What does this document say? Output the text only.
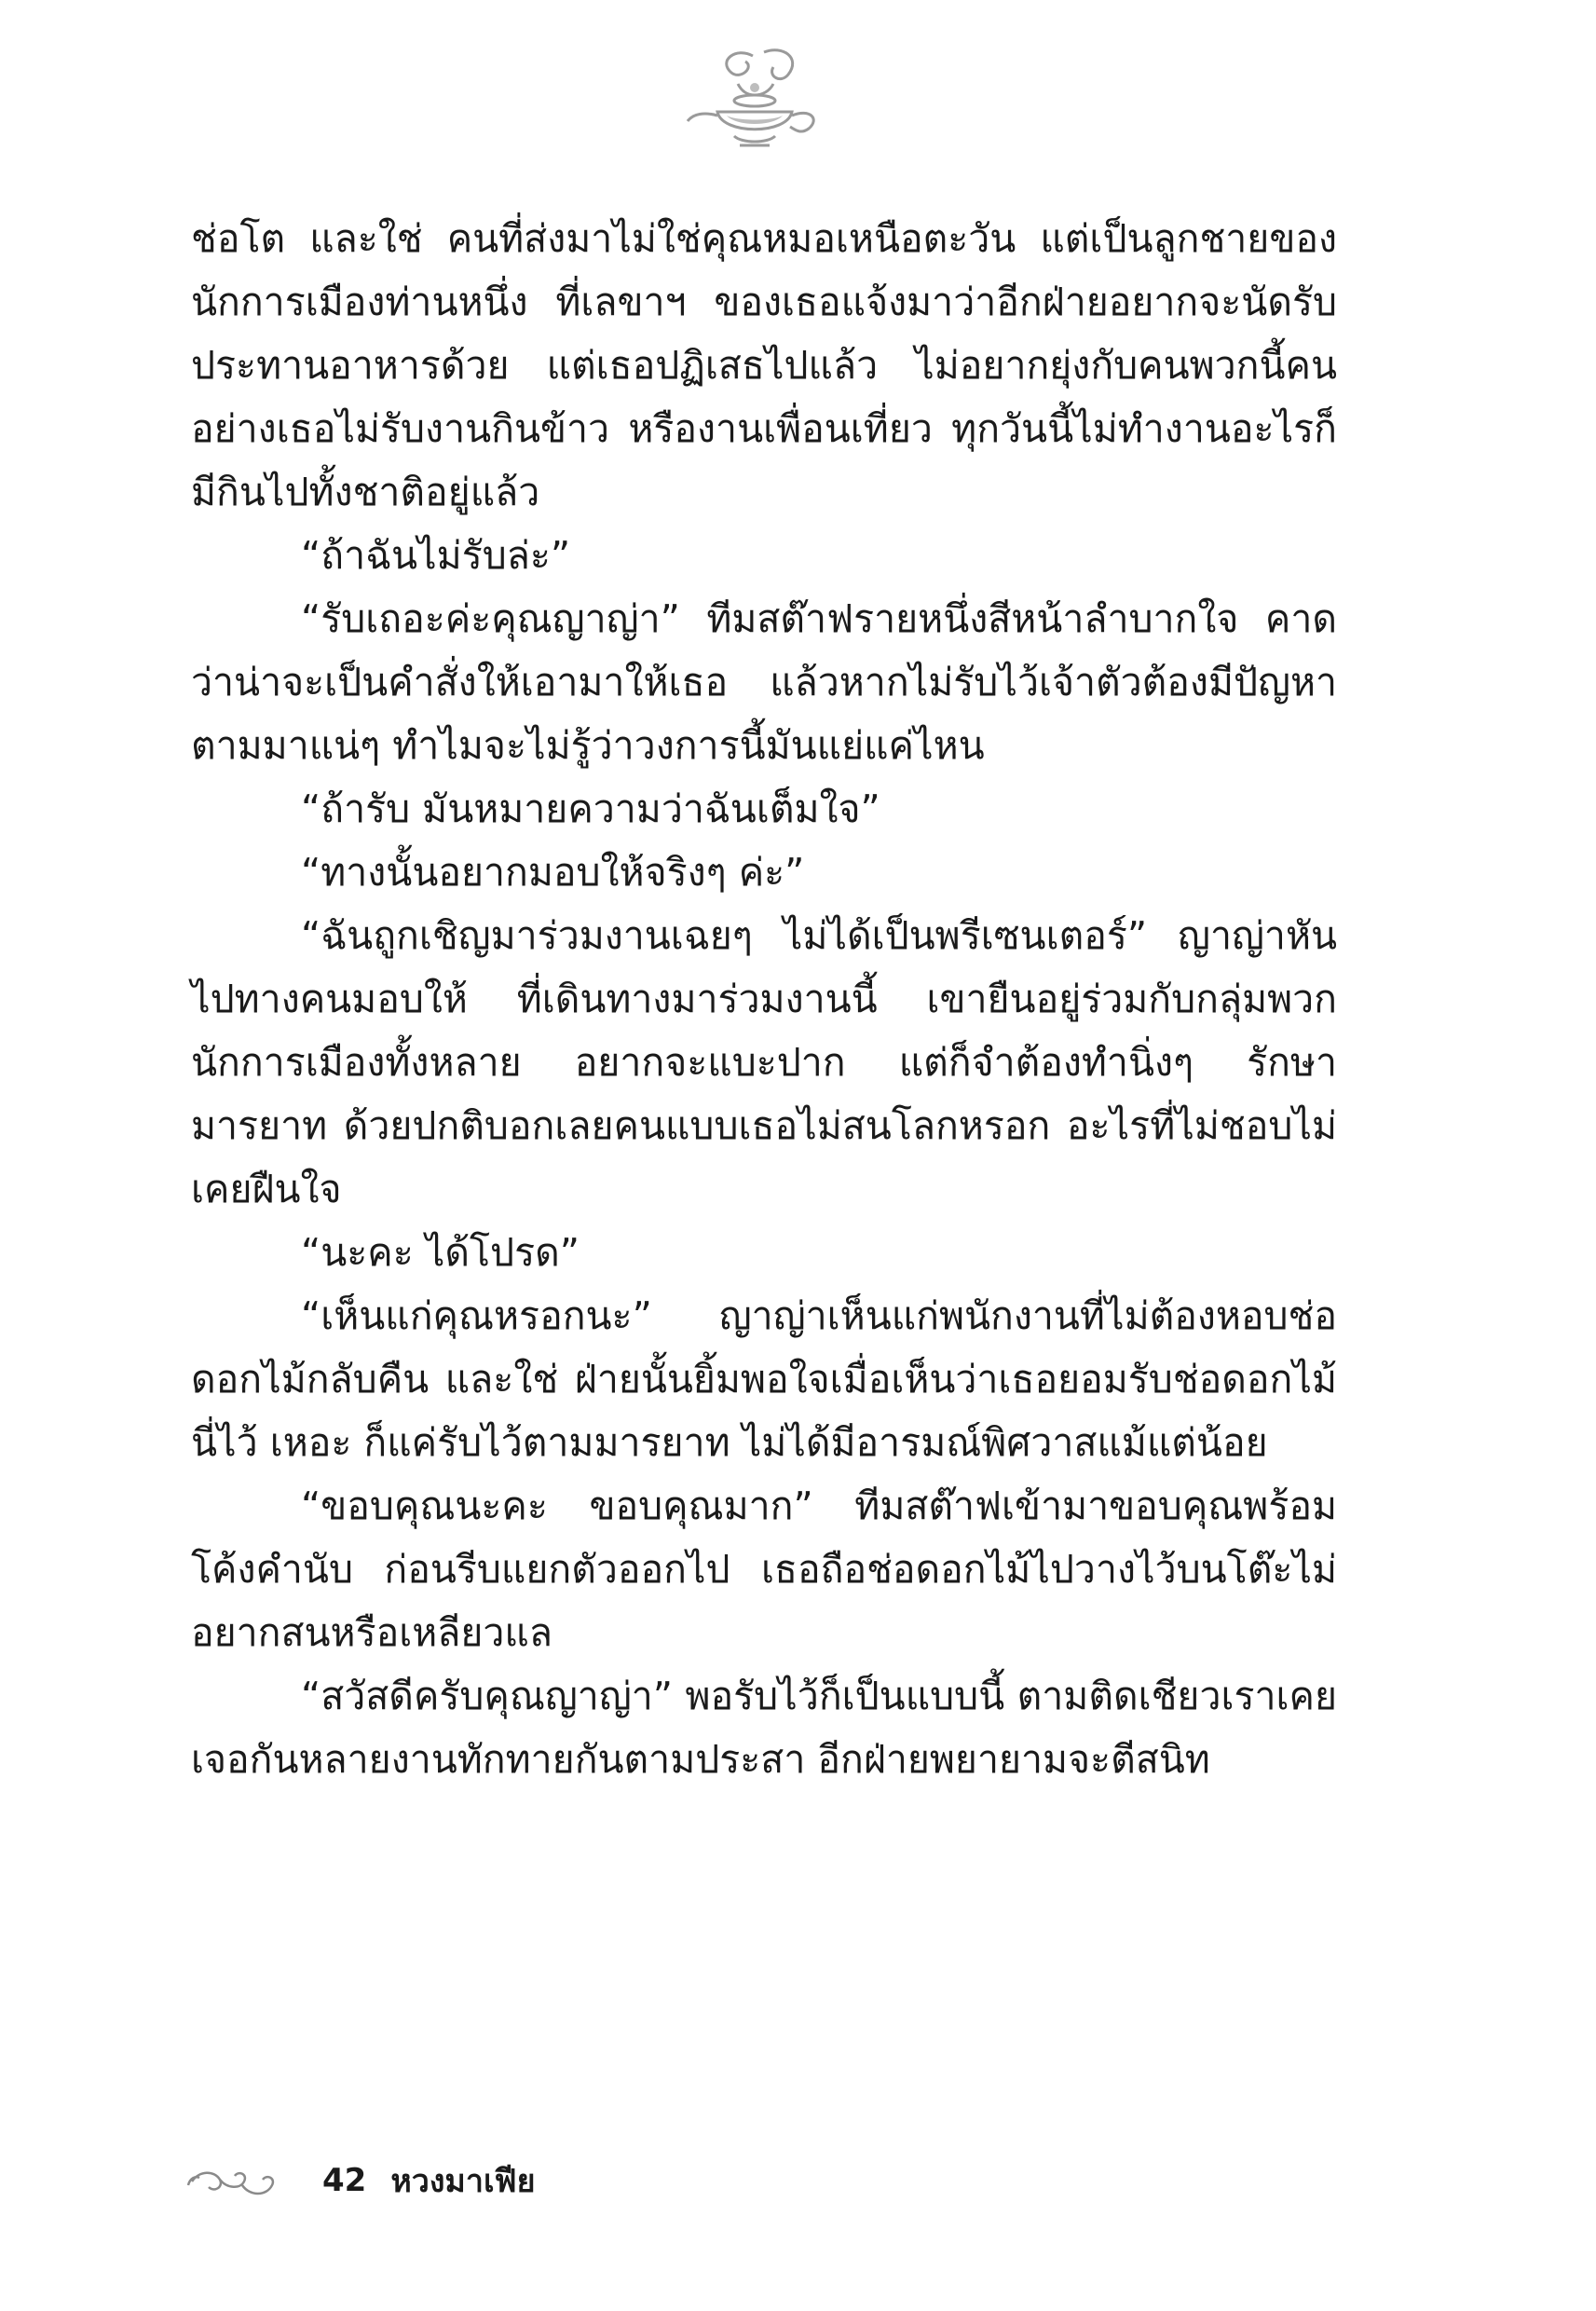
ช่อโต และใช่ คนที่ส่งมาไม่ใช่คุณหมอเหนือตะวัน แต่เป็นลูกชายของนักการเมืองท่านหนึ่ง ที่เลขาฯ ของเธอแจ้งมาว่าอีกฝ่ายอยากจะนัดรับประทานอาหารด้วย แต่เธอปฏิเสธไปแล้ว ไม่อยากยุ่งกับคนพวกนี้คนอย่างเธอไม่รับงานกินข้าว หรืองานเพื่อนเที่ยว ทุกวันนี้ไม่ทำงานอะไรก็มีกินไปทั้งชาติอยู่แล้ว

“ถ้าฉันไม่รับล่ะ”

“รับเถอะค่ะคุณญาญ่า” ทีมสต๊าฟรายหนึ่งสีหน้าลำบากใจ คาดว่าน่าจะเป็นคำสั่งให้เอามาให้เธอ แล้วหากไม่รับไว้เจ้าตัวต้องมีปัญหาตามมาแน่ๆ ทำไมจะไม่รู้ว่าวงการนี้มันแย่แค่ไหน

“ถ้ารับ มันหมายความว่าฉันเต็มใจ”

“ทางนั้นอยากมอบให้จริงๆ ค่ะ”

“ฉันถูกเชิญมาร่วมงานเฉยๆ ไม่ได้เป็นพรีเซนเตอร์” ญาญ่าหันไปทางคนมอบให้ ที่เดินทางมาร่วมงานนี้ เขายืนอยู่ร่วมกับกลุ่มพวกนักการเมืองทั้งหลาย อยากจะแบะปาก แต่ก็จำต้องทำนิ่งๆ รักษามารยาท ด้วยปกติบอกเลยคนแบบเธอไม่สนโลกหรอก อะไรที่ไม่ชอบไม่เคยฝืนใจ

“นะคะ ได้โปรด”

“เห็นแก่คุณหรอกนะ” ญาญ่าเห็นแก่พนักงานที่ไม่ต้องหอบช่อดอกไม้กลับคืน และใช่ ฝ่ายนั้นยิ้มพอใจเมื่อเห็นว่าเธอยอมรับช่อดอกไม้นี่ไว้ เหอะ ก็แค่รับไว้ตามมารยาท ไม่ได้มีอารมณ์พิศวาสแม้แต่น้อย

“ขอบคุณนะคะ ขอบคุณมาก” ทีมสต๊าฟเข้ามาขอบคุณพร้อมโค้งคำนับ ก่อนรีบแยกตัวออกไป เธอถือช่อดอกไม้ไปวางไว้บนโต๊ะไม่อยากสนหรือเหลียวแล

“สวัสดีครับคุณญาญ่า” พอรับไว้ก็เป็นแบบนี้ ตามติดเชียวเราเคยเจอกันหลายงานทักทายกันตามประสา อีกฝ่ายพยายามจะตีสนิท

42 หวงมาเฟีย
